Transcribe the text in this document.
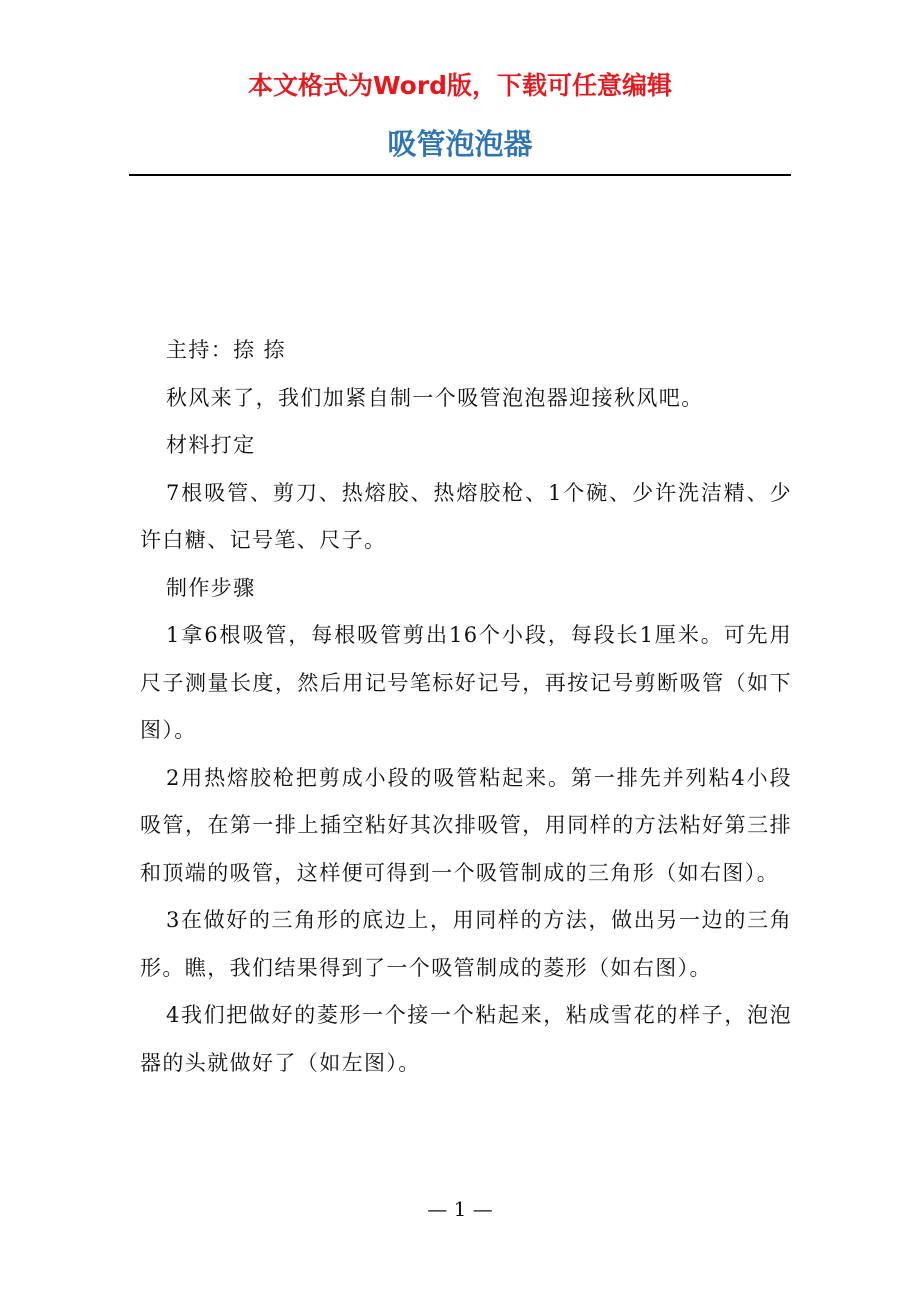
本文格式为Word版，下载可任意编辑
吸管泡泡器

主持：捺 捺

秋风来了，我们加紧自制一个吸管泡泡器迎接秋风吧。

材料打定

7根吸管、剪刀、热熔胶、热熔胶枪、1个碗、少许洗洁精、少许白糖、记号笔、尺子。

制作步骤

1拿6根吸管，每根吸管剪出16个小段，每段长1厘米。可先用尺子测量长度，然后用记号笔标好记号，再按记号剪断吸管（如下图）。

2用热熔胶枪把剪成小段的吸管粘起来。第一排先并列粘4小段吸管，在第一排上插空粘好其次排吸管，用同样的方法粘好第三排和顶端的吸管，这样便可得到一个吸管制成的三角形（如右图）。

3在做好的三角形的底边上，用同样的方法，做出另一边的三角形。瞧，我们结果得到了一个吸管制成的菱形（如右图）。

4我们把做好的菱形一个接一个粘起来，粘成雪花的样子，泡泡器的头就做好了（如左图）。

— 1 —
